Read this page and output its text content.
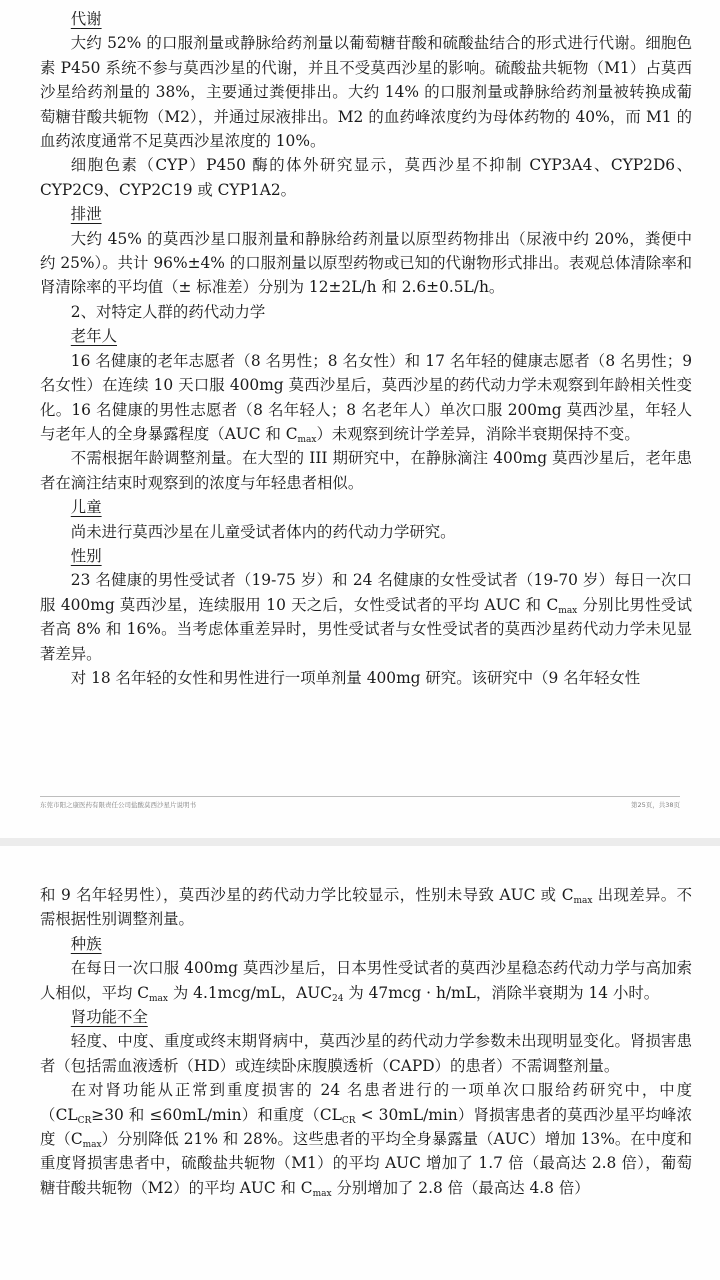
代谢

大约 52% 的口服剂量或静脉给药剂量以葡萄糖苷酸和硫酸盐结合的形式进行代谢。细胞色素 P450 系统不参与莫西沙星的代谢，并且不受莫西沙星的影响。硫酸盐共轭物（M1）占莫西沙星给药剂量的 38%，主要通过粪便排出。大约 14% 的口服剂量或静脉给药剂量被转换成葡萄糖苷酸共轭物（M2），并通过尿液排出。M2 的血药峰浓度约为母体药物的 40%，而 M1 的血药浓度通常不足莫西沙星浓度的 10%。

细胞色素（CYP）P450 酶的体外研究显示，莫西沙星不抑制 CYP3A4、CYP2D6、CYP2C9、CYP2C19 或 CYP1A2。

排泄

大约 45% 的莫西沙星口服剂量和静脉给药剂量以原型药物排出（尿液中约 20%，粪便中约 25%）。共计 96%±4% 的口服剂量以原型药物或已知的代谢物形式排出。表观总体清除率和肾清除率的平均值（± 标准差）分别为 12±2L/h 和 2.6±0.5L/h。

2、对特定人群的药代动力学

老年人

16 名健康的老年志愿者（8 名男性；8 名女性）和 17 名年轻的健康志愿者（8 名男性；9 名女性）在连续 10 天口服 400mg 莫西沙星后，莫西沙星的药代动力学未观察到年龄相关性变化。16 名健康的男性志愿者（8 名年轻人；8 名老年人）单次口服 200mg 莫西沙星，年轻人与老年人的全身暴露程度（AUC 和 $C_{max}$）未观察到统计学差异，消除半衰期保持不变。

不需根据年龄调整剂量。在大型的 III 期研究中，在静脉滴注 400mg 莫西沙星后，老年患者在滴注结束时观察到的浓度与年轻患者相似。

儿童

尚未进行莫西沙星在儿童受试者体内的药代动力学研究。

性别

23 名健康的男性受试者（19-75 岁）和 24 名健康的女性受试者（19-70 岁）每日一次口服 400mg 莫西沙星，连续服用 10 天之后，女性受试者的平均 AUC 和 $C_{max}$ 分别比男性受试者高 8% 和 16%。当考虑体重差异时，男性受试者与女性受试者的莫西沙星药代动力学未见显著差异。

对 18 名年轻的女性和男性进行一项单剂量 400mg 研究。该研究中（9 名年轻女性

东莞市阳之康医药有限责任公司盐酸莫西沙星片说明书	第25页，共38页

和 9 名年轻男性），莫西沙星的药代动力学比较显示，性别未导致 AUC 或 $C_{max}$ 出现差异。不需根据性别调整剂量。

种族

在每日一次口服 400mg 莫西沙星后，日本男性受试者的莫西沙星稳态药代动力学与高加索人相似，平均 $C_{max}$ 为 4.1mcg/mL，$AUC_{24}$ 为 47mcg · h/mL，消除半衰期为 14 小时。

肾功能不全

轻度、中度、重度或终末期肾病中，莫西沙星的药代动力学参数未出现明显变化。肾损害患者（包括需血液透析（HD）或连续卧床腹膜透析（CAPD）的患者）不需调整剂量。

在对肾功能从正常到重度损害的 24 名患者进行的一项单次口服给药研究中，中度（$CL_{CR}\ge 30$ 和 ≤60mL/min）和重度$(CL_{CR} < 30mL/\min)$肾损害患者的莫西沙星平均峰浓度$(C_{max})$分别降低 21% 和 28%。这些患者的平均全身暴露量（AUC）增加 13%。在中度和重度肾损害患者中，硫酸盐共轭物（M1）的平均 AUC 增加了 1.7 倍（最高达 2.8 倍），葡萄糖苷酸共轭物（M2）的平均 AUC 和 $C_{max}$ 分别增加了 2.8 倍（最高达 4.8 倍）
